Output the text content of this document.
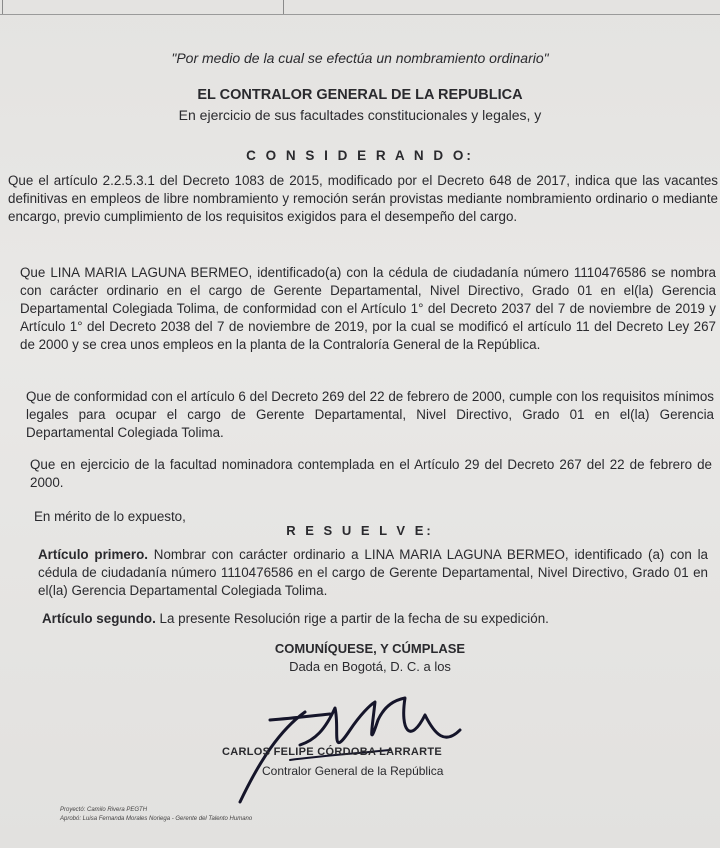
"Por medio de la cual se efectúa un nombramiento ordinario"

EL CONTRALOR GENERAL DE LA REPUBLICA

En ejercicio de sus facultades constitucionales y legales, y

C O N S I D E R A N D O:

Que el artículo 2.2.5.3.1 del Decreto 1083 de 2015, modificado por el Decreto 648 de 2017, indica que las vacantes definitivas en empleos de libre nombramiento y remoción serán provistas mediante nombramiento ordinario o mediante encargo, previo cumplimiento de los requisitos exigidos para el desempeño del cargo.

Que LINA MARIA LAGUNA BERMEO, identificado(a) con la cédula de ciudadanía número 1110476586 se nombra con carácter ordinario en el cargo de Gerente Departamental, Nivel Directivo, Grado 01 en el(la) Gerencia Departamental Colegiada Tolima, de conformidad con el Artículo 1° del Decreto 2037 del 7 de noviembre de 2019 y Artículo 1° del Decreto 2038 del 7 de noviembre de 2019, por la cual se modificó el artículo 11 del Decreto Ley 267 de 2000 y se crea unos empleos en la planta de la Contraloría General de la República.

Que de conformidad con el artículo 6 del Decreto 269 del 22 de febrero de 2000, cumple con los requisitos mínimos legales para ocupar el cargo de Gerente Departamental, Nivel Directivo, Grado 01 en el(la) Gerencia Departamental Colegiada Tolima.

Que en ejercicio de la facultad nominadora contemplada en el Artículo 29 del Decreto 267 del 22 de febrero de 2000.

En mérito de lo expuesto,

R E S U E L V E:

Artículo primero. Nombrar con carácter ordinario a LINA MARIA LAGUNA BERMEO, identificado (a) con la cédula de ciudadanía número 1110476586 en el cargo de Gerente Departamental, Nivel Directivo, Grado 01 en el(la) Gerencia Departamental Colegiada Tolima.

Artículo segundo. La presente Resolución rige a partir de la fecha de su expedición.

COMUNÍQUESE, Y CÚMPLASE

Dada en Bogotá, D. C. a los

CARLOS FELIPE CÓRDOBA LARRARTE

Contralor General de la República

Proyectó: Camilo Rivera PEGTH

Aprobó: Luisa Fernanda Morales Noriega - Gerente del Talento Humano
